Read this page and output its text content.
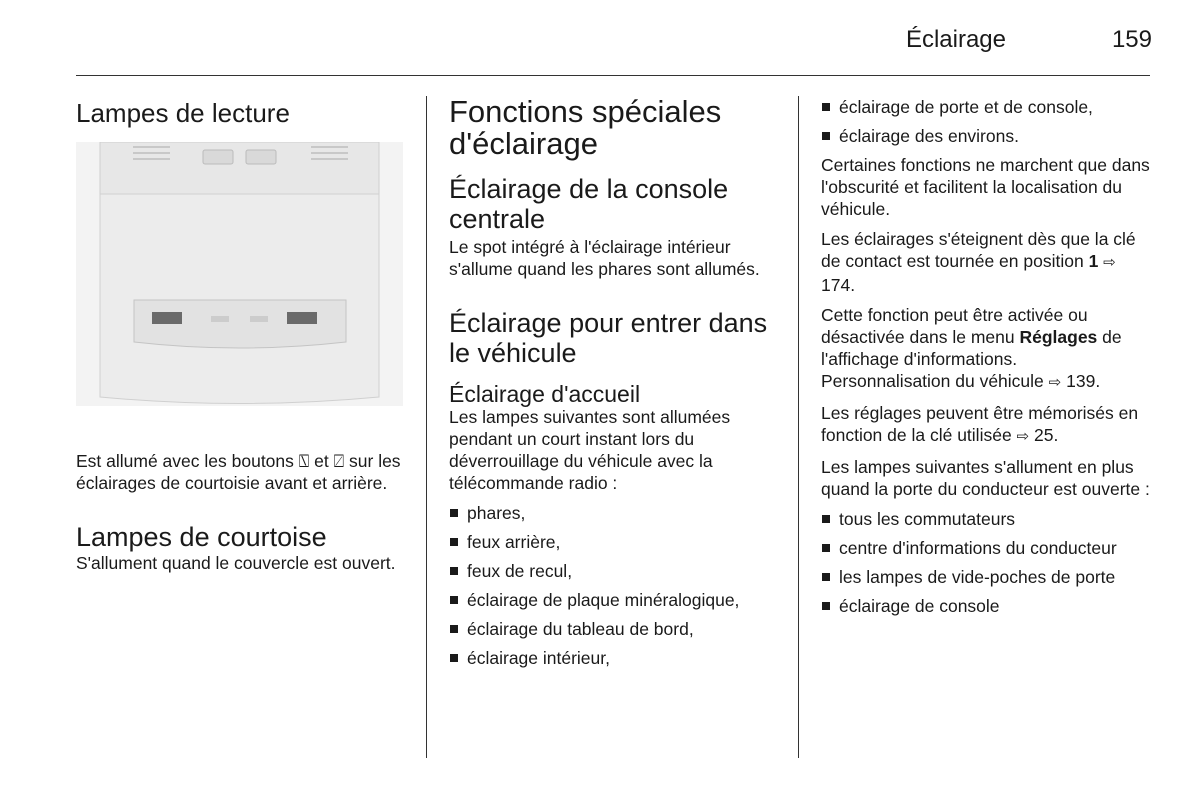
Éclairage	159
Lampes de lecture

Est allumé avec les boutons ⍂ et ⍁ sur les éclairages de courtoisie avant et arrière.

Lampes de courtoise

S'allument quand le couvercle est ouvert.

Fonctions spéciales d'éclairage
Éclairage de la console centrale

Le spot intégré à l'éclairage intérieur s'allume quand les phares sont allumés.

Éclairage pour entrer dans le véhicule
Éclairage d'accueil

Les lampes suivantes sont allumées pendant un court instant lors du déverrouillage du véhicule avec la télécommande radio :

phares,
feux arrière,
feux de recul,
éclairage de plaque minéralogique,
éclairage du tableau de bord,
éclairage intérieur,
éclairage de porte et de console,
éclairage des environs.

Certaines fonctions ne marchent que dans l'obscurité et facilitent la localisation du véhicule.

Les éclairages s'éteignent dès que la clé de contact est tournée en position 1 ⇨ 174.

Cette fonction peut être activée ou désactivée dans le menu Réglages de l'affichage d'informations. Personnalisation du véhicule ⇨ 139.

Les réglages peuvent être mémorisés en fonction de la clé utilisée ⇨ 25.

Les lampes suivantes s'allument en plus quand la porte du conducteur est ouverte :

tous les commutateurs
centre d'informations du conducteur
les lampes de vide-poches de porte
éclairage de console
